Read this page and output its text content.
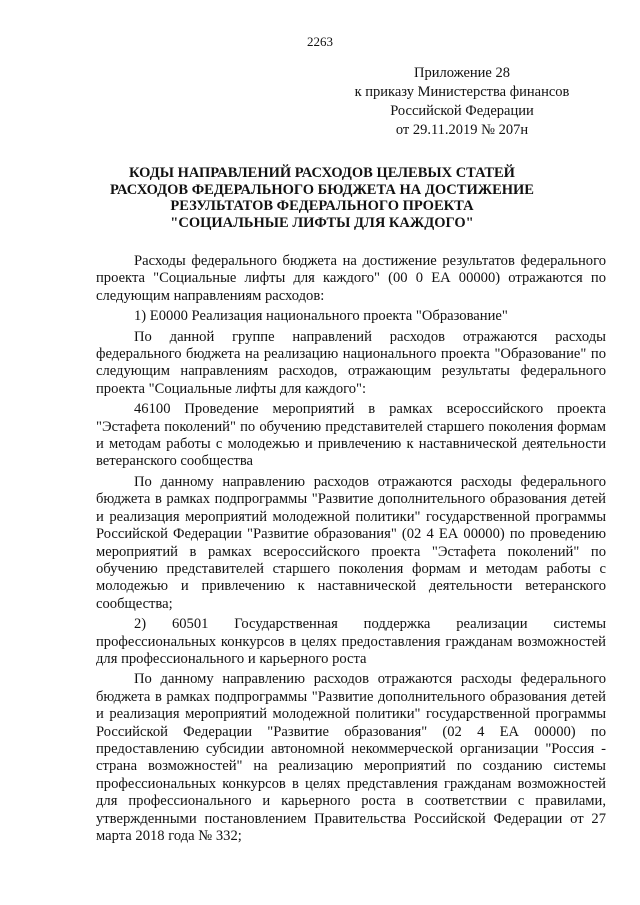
2263
Приложение 28
к приказу Министерства финансов
Российской Федерации
от 29.11.2019 № 207н
КОДЫ НАПРАВЛЕНИЙ РАСХОДОВ ЦЕЛЕВЫХ СТАТЕЙ
РАСХОДОВ ФЕДЕРАЛЬНОГО БЮДЖЕТА НА ДОСТИЖЕНИЕ
РЕЗУЛЬТАТОВ ФЕДЕРАЛЬНОГО ПРОЕКТА
"СОЦИАЛЬНЫЕ ЛИФТЫ ДЛЯ КАЖДОГО"

Расходы федерального бюджета на достижение результатов федерального проекта "Социальные лифты для каждого" (00 0 ЕА 00000) отражаются по следующим направлениям расходов:

1) Е0000 Реализация национального проекта "Образование"

По данной группе направлений расходов отражаются расходы федерального бюджета на реализацию национального проекта "Образование" по следующим направлениям расходов, отражающим результаты федерального проекта "Социальные лифты для каждого":

46100 Проведение мероприятий в рамках всероссийского проекта "Эстафета поколений" по обучению представителей старшего поколения формам и методам работы с молодежью и привлечению к наставнической деятельности ветеранского сообщества

По данному направлению расходов отражаются расходы федерального бюджета в рамках подпрограммы "Развитие дополнительного образования детей и реализация мероприятий молодежной политики" государственной программы Российской Федерации "Развитие образования" (02 4 ЕА 00000) по проведению мероприятий в рамках всероссийского проекта "Эстафета поколений" по обучению представителей старшего поколения формам и методам работы с молодежью и привлечению к наставнической деятельности ветеранского сообщества;

2) 60501 Государственная поддержка реализации системы профессиональных конкурсов в целях предоставления гражданам возможностей для профессионального и карьерного роста

По данному направлению расходов отражаются расходы федерального бюджета в рамках подпрограммы "Развитие дополнительного образования детей и реализация мероприятий молодежной политики" государственной программы Российской Федерации "Развитие образования" (02 4 ЕА 00000) по предоставлению субсидии автономной некоммерческой организации "Россия - страна возможностей" на реализацию мероприятий по созданию системы профессиональных конкурсов в целях представления гражданам возможностей для профессионального и карьерного роста в соответствии с правилами, утвержденными постановлением Правительства Российской Федерации от 27 марта 2018 года № 332;
